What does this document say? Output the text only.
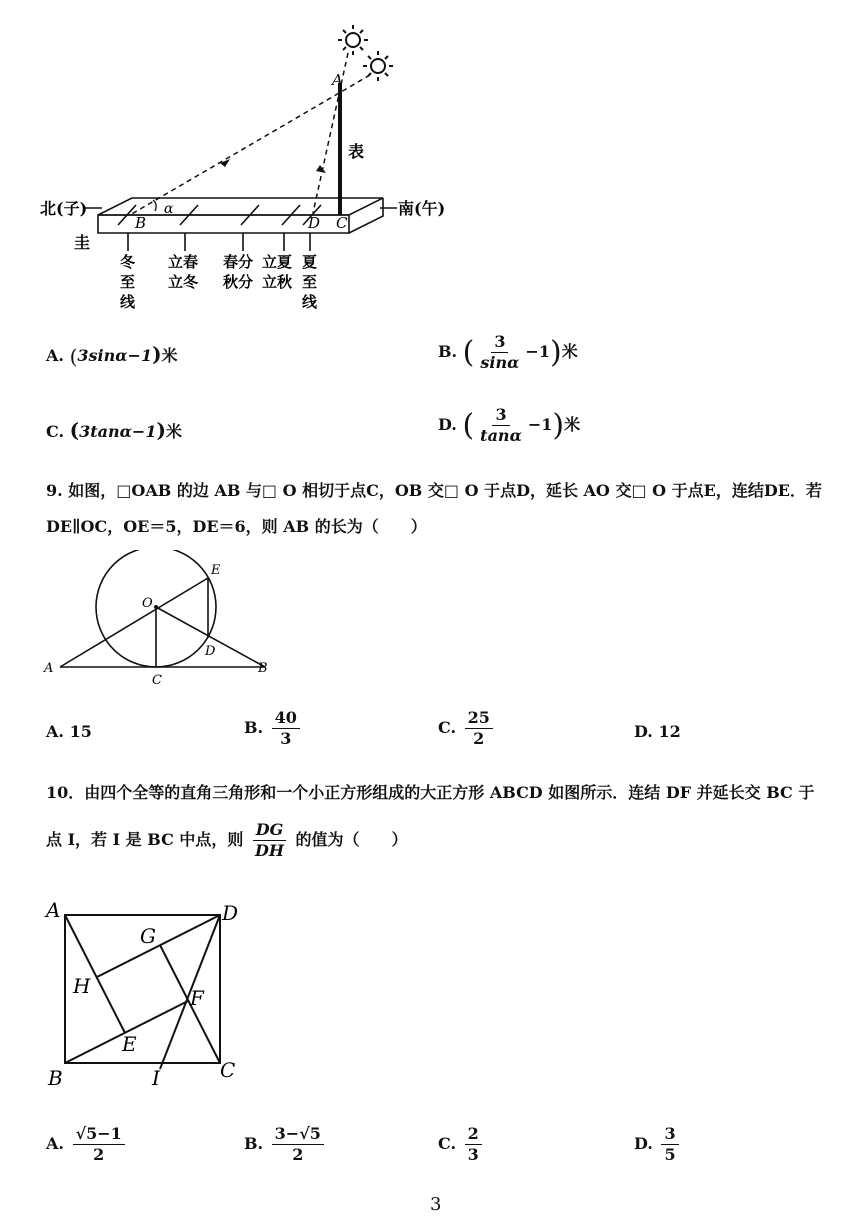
A
表
α
B	D C
北(子)	南(午)
圭
冬
至
线
立春
立冬
春分
秋分
立夏
立秋
夏
至
线
A. (3sinα−1)米	B. ( $\frac{3}{\sin\alpha} -1$)米
C. (3tanα−1)米	D. ( $\frac{3}{\tan\alpha} -1$)米
9. 如图，□OAB 的边 AB 与□ O 相切于点C，OB 交□ O 于点D，延长 AO 交□ O 于点E，连结DE．若
DE∥OC，OE＝5，DE＝6，则 AB 的长为（　　）
O
E
A
C
D
B
A. 15	B. $\frac{40}{3}$	C. $\frac{25}{2}$	D. 12
10．由四个全等的直角三角形和一个小正方形组成的大正方形 ABCD 如图所示．连结 DF 并延长交 BC 于
点 I，若 I 是 BC 中点，则 $\frac{DG}{DH}$ 的值为（　　）
A	D
G
H	F
E
B	I	C
A. $\frac{√5-1}{2}$	B. $\frac{3-√5}{2}$	C. $\frac{2}{3}$	D. $\frac{3}{5}$
3
